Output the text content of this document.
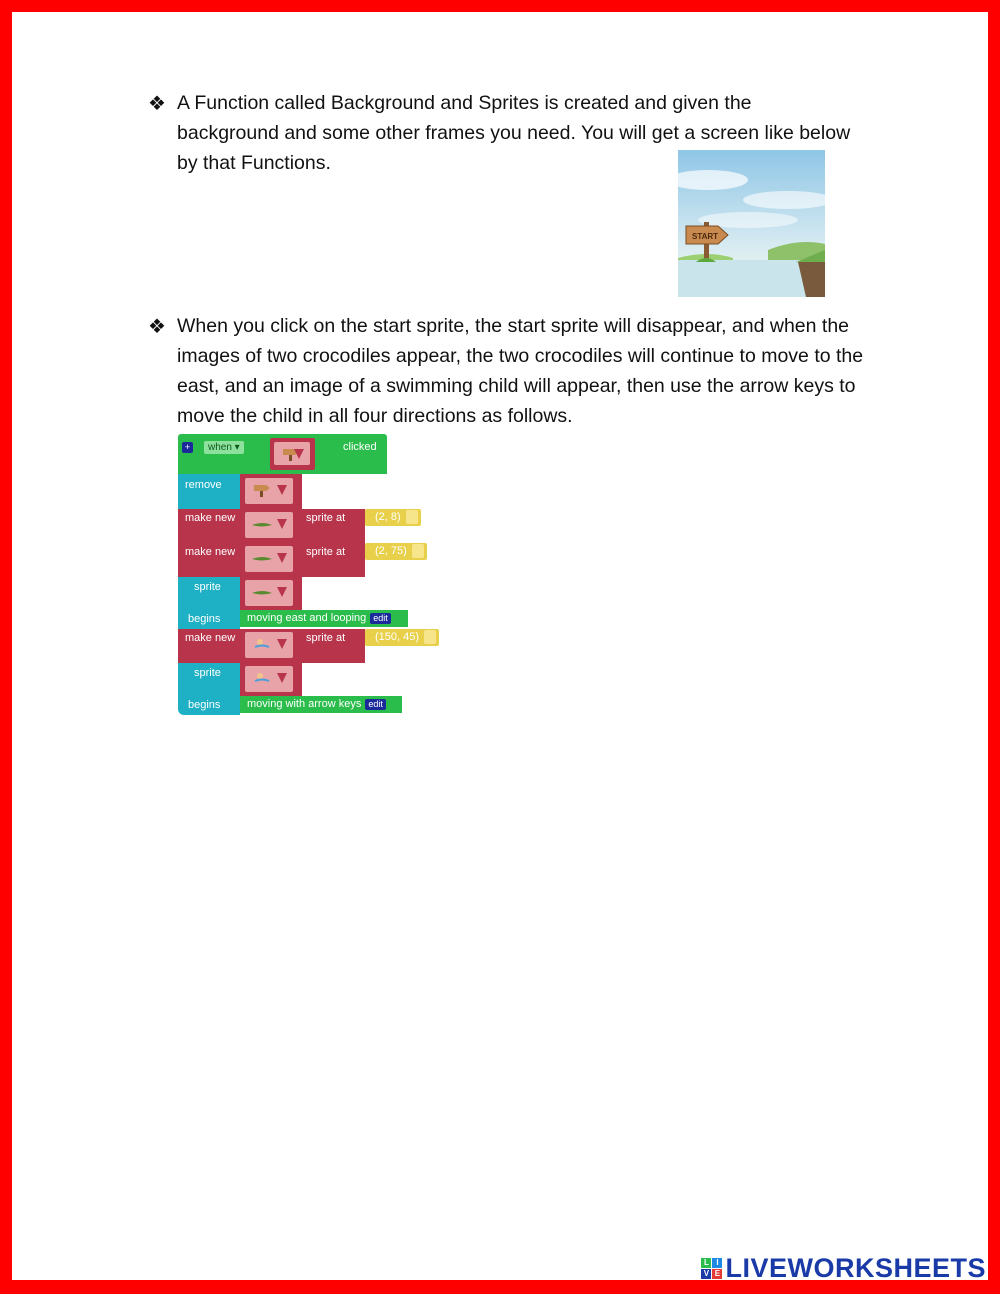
❖ A Function called Background and Sprites is created and given the background and some other frames you need. You will get a screen like below by that Functions.

START
❖ When you click on the start sprite, the start sprite will disappear, and when the images of two crocodiles appear, the two crocodiles will continue to move to the east, and an image of a swimming child will appear, then use the arrow keys to move the child in all four directions as follows.

+	when ▾	clicked
remove
make new	sprite at	(2, 8)
make new	sprite at	(2, 75)
sprite
begins	moving east and looping edit
make new	sprite at	(150, 45)
sprite
begins	moving with arrow keys edit
L I
V E LIVEWORKSHEETS
